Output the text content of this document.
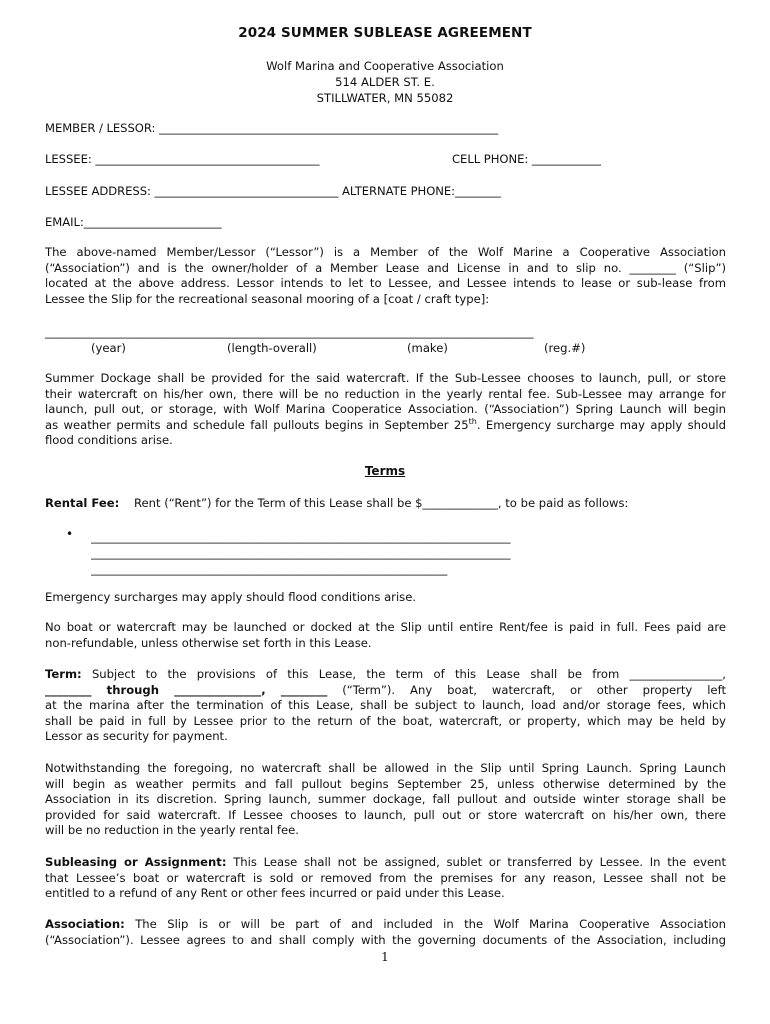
2024 SUMMER SUBLEASE AGREEMENT
Wolf Marina and Cooperative Association
514 ALDER ST. E.
STILLWATER, MN 55082
MEMBER / LESSOR: ___________________________________________________________
LESSEE: _______________________________________	CELL PHONE: ____________
LESSEE ADDRESS: ________________________________ ALTERNATE PHONE:________
EMAIL:________________________
The above-named Member/Lessor (“Lessor”) is a Member of the Wolf Marine a Cooperative Association
(“Association”) and is the owner/holder of a Member Lease and License in and to slip no. ________ (“Slip”)
located at the above address. Lessor intends to let to Lessee, and Lessee intends to lease or sub-lease from
Lessee the Slip for the recreational seasonal mooring of a [coat / craft type]:
_____________________________________________________________________________________
(year)	(length-overall)	(make)	(reg.#)
Summer Dockage shall be provided for the said watercraft. If the Sub-Lessee chooses to launch, pull, or store
their watercraft on his/her own, there will be no reduction in the yearly rental fee. Sub-Lessee may arrange for
launch, pull out, or storage, with Wolf Marina Cooperatice Association. (“Association”) Spring Launch will begin
as weather permits and schedule fall pullouts begins in September 25th. Emergency surcharge may apply should
flood conditions arise.
Terms
Rental Fee: Rent (“Rent”) for the Term of this Lease shall be $_____________, to be paid as follows:
• _________________________________________________________________________
_________________________________________________________________________
______________________________________________________________
Emergency surcharges may apply should flood conditions arise.
No boat or watercraft may be launched or docked at the Slip until entire Rent/fee is paid in full. Fees paid are
non-refundable, unless otherwise set forth in this Lease.
Term: Subject to the provisions of this Lease, the term of this Lease shall be from ________________,
________ through _______________, ________ (“Term”). Any boat, watercraft, or other property left
at the marina after the termination of this Lease, shall be subject to launch, load and/or storage fees, which
shall be paid in full by Lessee prior to the return of the boat, watercraft, or property, which may be held by
Lessor as security for payment.
Notwithstanding the foregoing, no watercraft shall be allowed in the Slip until Spring Launch. Spring Launch
will begin as weather permits and fall pullout begins September 25, unless otherwise determined by the
Association in its discretion. Spring launch, summer dockage, fall pullout and outside winter storage shall be
provided for said watercraft. If Lessee chooses to launch, pull out or store watercraft on his/her own, there
will be no reduction in the yearly rental fee.
Subleasing or Assignment: This Lease shall not be assigned, sublet or transferred by Lessee. In the event
that Lessee’s boat or watercraft is sold or removed from the premises for any reason, Lessee shall not be
entitled to a refund of any Rent or other fees incurred or paid under this Lease.
Association: The Slip is or will be part of and included in the Wolf Marina Cooperative Association
(“Association”). Lessee agrees to and shall comply with the governing documents of the Association, including
1
